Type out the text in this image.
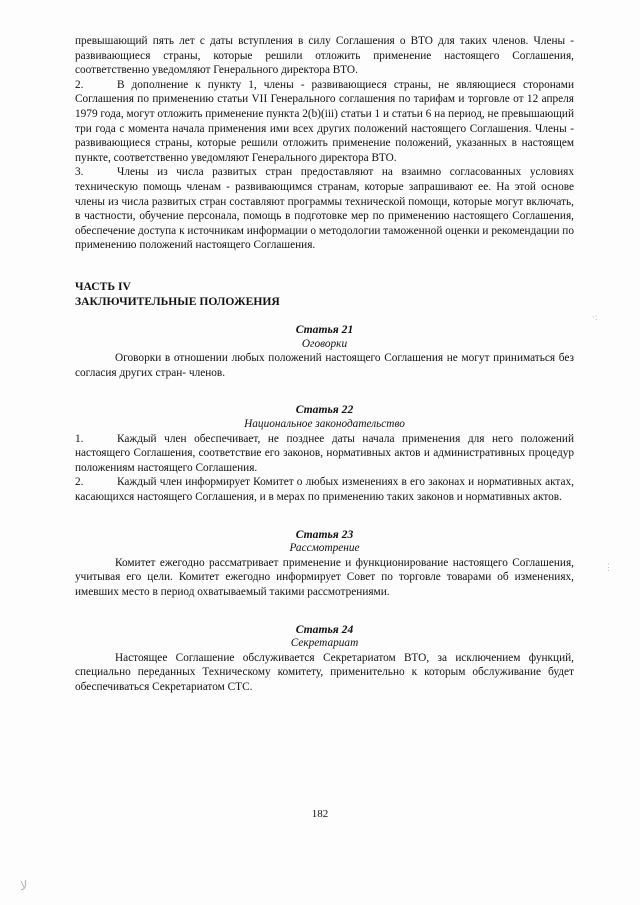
превышающий пять лет с даты вступления в силу Соглашения о ВТО для таких членов. Члены - развивающиеся страны, которые решили отложить применение настоящего Соглашения, соответственно уведомляют Генерального директора ВТО.

2.	В дополнение к пункту 1, члены - развивающиеся страны, не являющиеся сторонами Соглашения по применению статьи VII Генерального соглашения по тарифам и торговле от 12 апреля 1979 года, могут отложить применение пункта 2(b)(iii) статьи 1 и статьи 6 на период, не превышающий три года с момента начала применения ими всех других положений настоящего Соглашения. Члены - развивающиеся страны, которые решили отложить применение положений, указанных в настоящем пункте, соответственно уведомляют Генерального директора ВТО.

3.	Члены из числа развитых стран предоставляют на взаимно согласованных условиях техническую помощь членам - развивающимся странам, которые запрашивают ее. На этой основе члены из числа развитых стран составляют программы технической помощи, которые могут включать, в частности, обучение персонала, помощь в подготовке мер по применению настоящего Соглашения, обеспечение доступа к источникам информации о методологии таможенной оценки и рекомендации по применению положений настоящего Соглашения.

ЧАСТЬ IV
ЗАКЛЮЧИТЕЛЬНЫЕ ПОЛОЖЕНИЯ
Статья 21
Оговорки

Оговорки в отношении любых положений настоящего Соглашения не могут приниматься без согласия других стран- членов.

Статья 22
Национальное законодательство

1.	Каждый член обеспечивает, не позднее даты начала применения для него положений настоящего Соглашения, соответствие его законов, нормативных актов и административных процедур положениям настоящего Соглашения.

2.	Каждый член информирует Комитет о любых изменениях в его законах и нормативных актах, касающихся настоящего Соглашения, и в мерах по применению таких законов и нормативных актов.

Статья 23
Рассмотрение

Комитет ежегодно рассматривает применение и функционирование настоящего Соглашения, учитывая его цели. Комитет ежегодно информирует Совет по торговле товарами об изменениях, имевших место в период охватываемый такими рассмотрениями.

Статья 24
Секретариат

Настоящее Соглашение обслуживается Секретариатом ВТО, за исключением функций, специально переданных Техническому комитету, применительно к которым обслуживание будет обеспечиваться Секретариатом СТС.

182
·:
⋮
ﻻ
